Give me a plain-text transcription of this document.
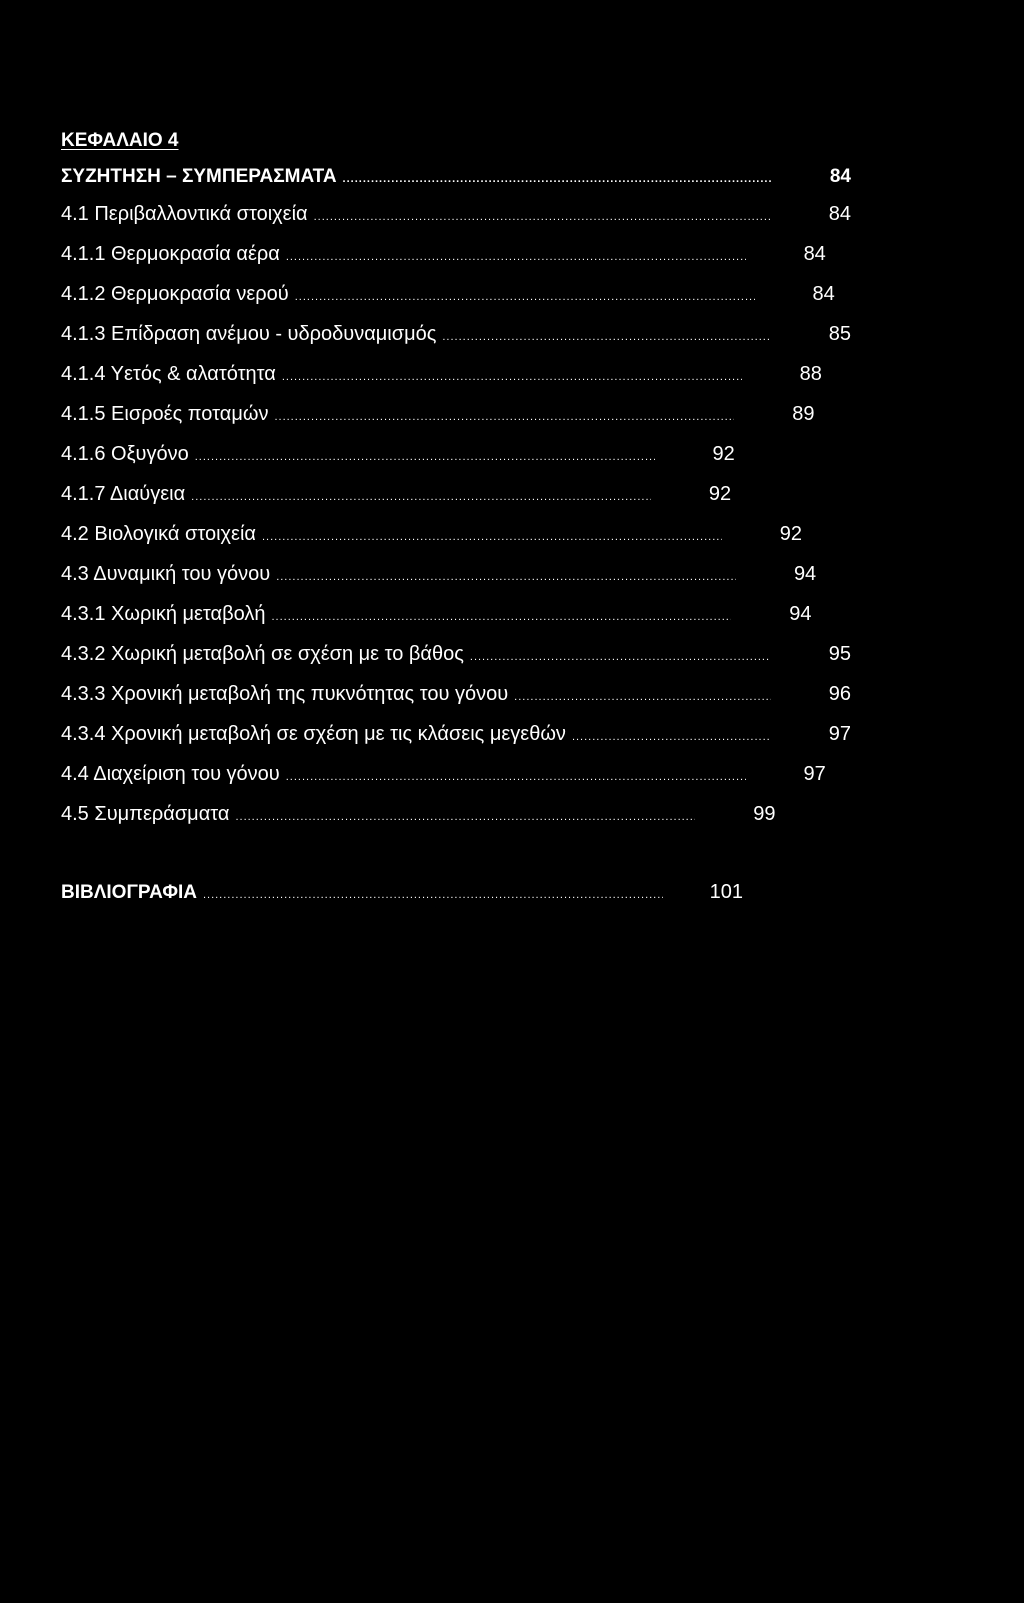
ΚΕΦΑΛΑΙΟ 4
ΣΥΖΗΤΗΣΗ – ΣΥΜΠΕΡΑΣΜΑΤΑ .....	84
4.1 Περιβαλλοντικά στοιχεία .....	84
4.1.1 Θερμοκρασία αέρα .....	84
4.1.2 Θερμοκρασία νερού .....	84
4.1.3 Επίδραση ανέμου - υδροδυναμισμός .....	85
4.1.4 Υετός & αλατότητα .....	88
4.1.5 Εισροές ποταμών .....	89
4.1.6 Οξυγόνο .....	92
4.1.7 Διαύγεια .....	92
4.2 Βιολογικά στοιχεία .....	92
4.3 Δυναμική του γόνου .....	94
4.3.1 Χωρική μεταβολή .....	94
4.3.2 Χωρική μεταβολή σε σχέση με το βάθος .....	95
4.3.3 Χρονική μεταβολή της πυκνότητας του γόνου .....	96
4.3.4 Χρονική μεταβολή σε σχέση με τις κλάσεις μεγεθών .....	97
4.4 Διαχείριση του γόνου .....	97
4.5 Συμπεράσματα .....	99
ΒΙΒΛΙΟΓΡΑΦΙΑ .....	101
